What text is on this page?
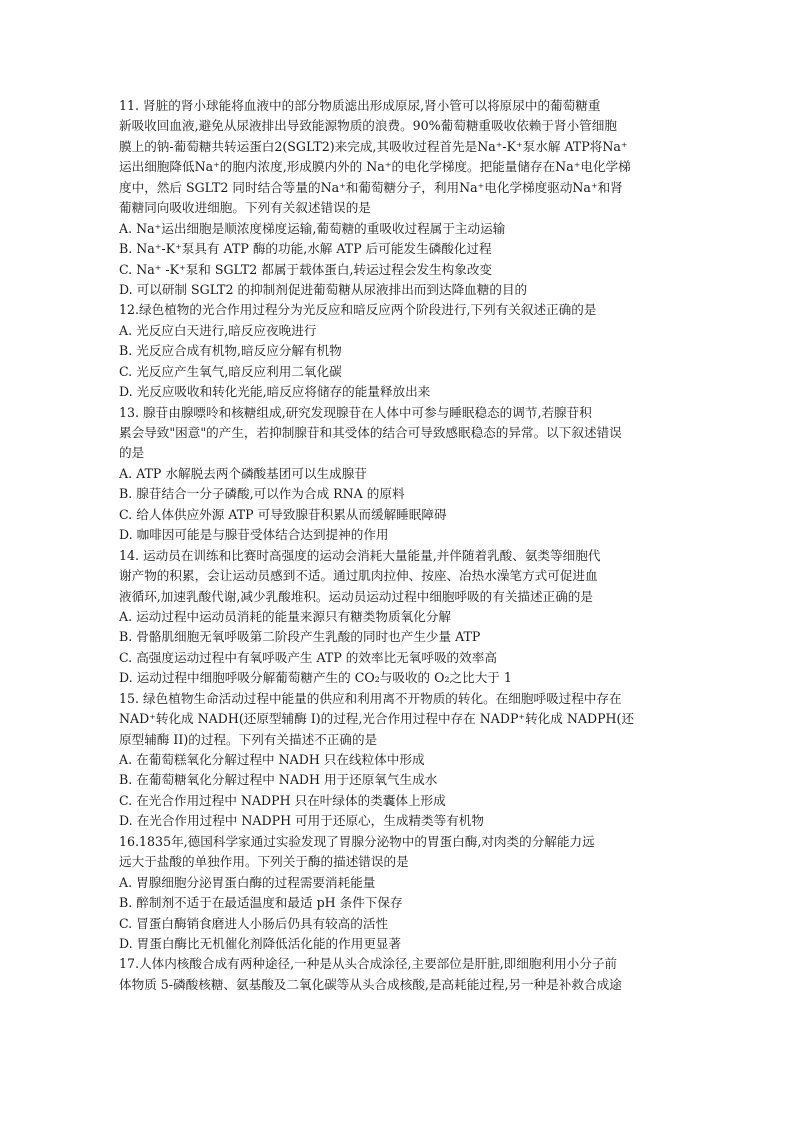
11. 肾脏的肾小球能将血液中的部分物质滤出形成原尿,肾小管可以将原尿中的葡萄糖重
新吸收回血液,避免从尿液排出导致能源物质的浪费。90%葡萄糖重吸收依赖于肾小管细胞
膜上的钠-葡萄糖共转运蛋白2(SGLT2)来完成,其吸收过程首先是Na⁺-K⁺泵水解 ATP将Na⁺
运出细胞降低Na⁺的胞内浓度,形成膜内外的 Na⁺的电化学梯度。把能量储存在Na⁺电化学梯
度中，然后 SGLT2 同时结合等量的Na⁺和葡萄糖分子，利用Na⁺电化学梯度驱动Na⁺和肾
葡糖同向吸收进细胞。下列有关叙述错误的是
A. Na⁺运出细胞是顺浓度梯度运输,葡萄糖的重吸收过程属于主动运输
B. Na⁺-K⁺泵具有 ATP 酶的功能,水解 ATP 后可能发生磷酸化过程
C. Na⁺ -K⁺泵和 SGLT2 都属于载体蛋白,转运过程会发生构象改变
D. 可以研制 SGLT2 的抑制剂促进葡萄糖从尿液排出而到达降血糖的目的
12.绿色植物的光合作用过程分为光反应和暗反应两个阶段进行,下列有关叙述正确的是
A. 光反应白天进行,暗反应夜晚进行
B. 光反应合成有机物,暗反应分解有机物
C. 光反应产生氧气,暗反应利用二氧化碳
D. 光反应吸收和转化光能,暗反应将储存的能量释放出来
13. 腺苷由腺嘌呤和核糖组成,研究发现腺苷在人体中可参与睡眠稳态的调节,若腺苷积
累会导致"困意"的产生，若抑制腺苷和其受体的结合可导致感眠稳态的异常。以下叙述错误
的是
A. ATP 水解脱去两个磷酸基团可以生成腺苷
B. 腺苷结合一分子磷酸,可以作为合成 RNA 的原料
C. 给人体供应外源 ATP 可导致腺苷积累从而缓解睡眠障碍
D. 咖啡因可能是与腺苷受体结合达到提神的作用
14. 运动员在训练和比赛时高强度的运动会消耗大量能量,并伴随着乳酸、氨类等细胞代
谢产物的积累，会让运动员感到不适。通过肌肉拉伸、按座、冶热水澡笔方式可促进血
液循环,加速乳酸代谢,减少乳酸堆积。运动员运动过程中细胞呼吸的有关描述正确的是
A. 运动过程中运动员消耗的能量来源只有糖类物质氧化分解
B. 骨骼肌细胞无氧呼吸第二阶段产生乳酸的同时也产生少量 ATP
C. 高强度运动过程中有氧呼吸产生 ATP 的效率比无氧呼吸的效率高
D. 运动过程中细胞呼吸分解葡萄糖产生的 CO₂与吸收的 O₂之比大于 1
15. 绿色植物生命活动过程中能量的供应和利用离不开物质的转化。在细胞呼吸过程中存在
NAD⁺转化成 NADH(还原型辅酶 I)的过程,光合作用过程中存在 NADP⁺转化成 NADPH(还
原型辅酶 II)的过程。下列有关描述不正确的是
A. 在葡萄糕氧化分解过程中 NADH 只在线粒体中形成
B. 在葡萄糖氧化分解过程中 NADH 用于还原氧气生成水
C. 在光合作用过程中 NADPH 只在叶绿体的类囊体上形成
D. 在光合作用过程中 NADPH 可用于还原心，生成精类等有机物
16.1835年,德国科学家通过实验发现了胃腺分泌物中的胃蛋白酶,对肉类的分解能力远
远大于盐酸的单独作用。下列关于酶的描述错误的是
A. 胃腺细胞分泌胃蛋白酶的过程需要消耗能量
B. 醉制剂不适于在最适温度和最适 pH 条件下保存
C. 冒蛋白酶销食磨进人小肠后仍具有较高的活性
D. 胃蛋白酶比无机催化剂降低活化能的作用更显著
17.人体内核酸合成有两种途径,一种是从头合成涂径,主要部位是肝脏,即细胞利用小分子前
体物质 5-磷酸核糖、氨基酸及二氧化碳等从头合成核酸,是高耗能过程,另一种是补救合成途
